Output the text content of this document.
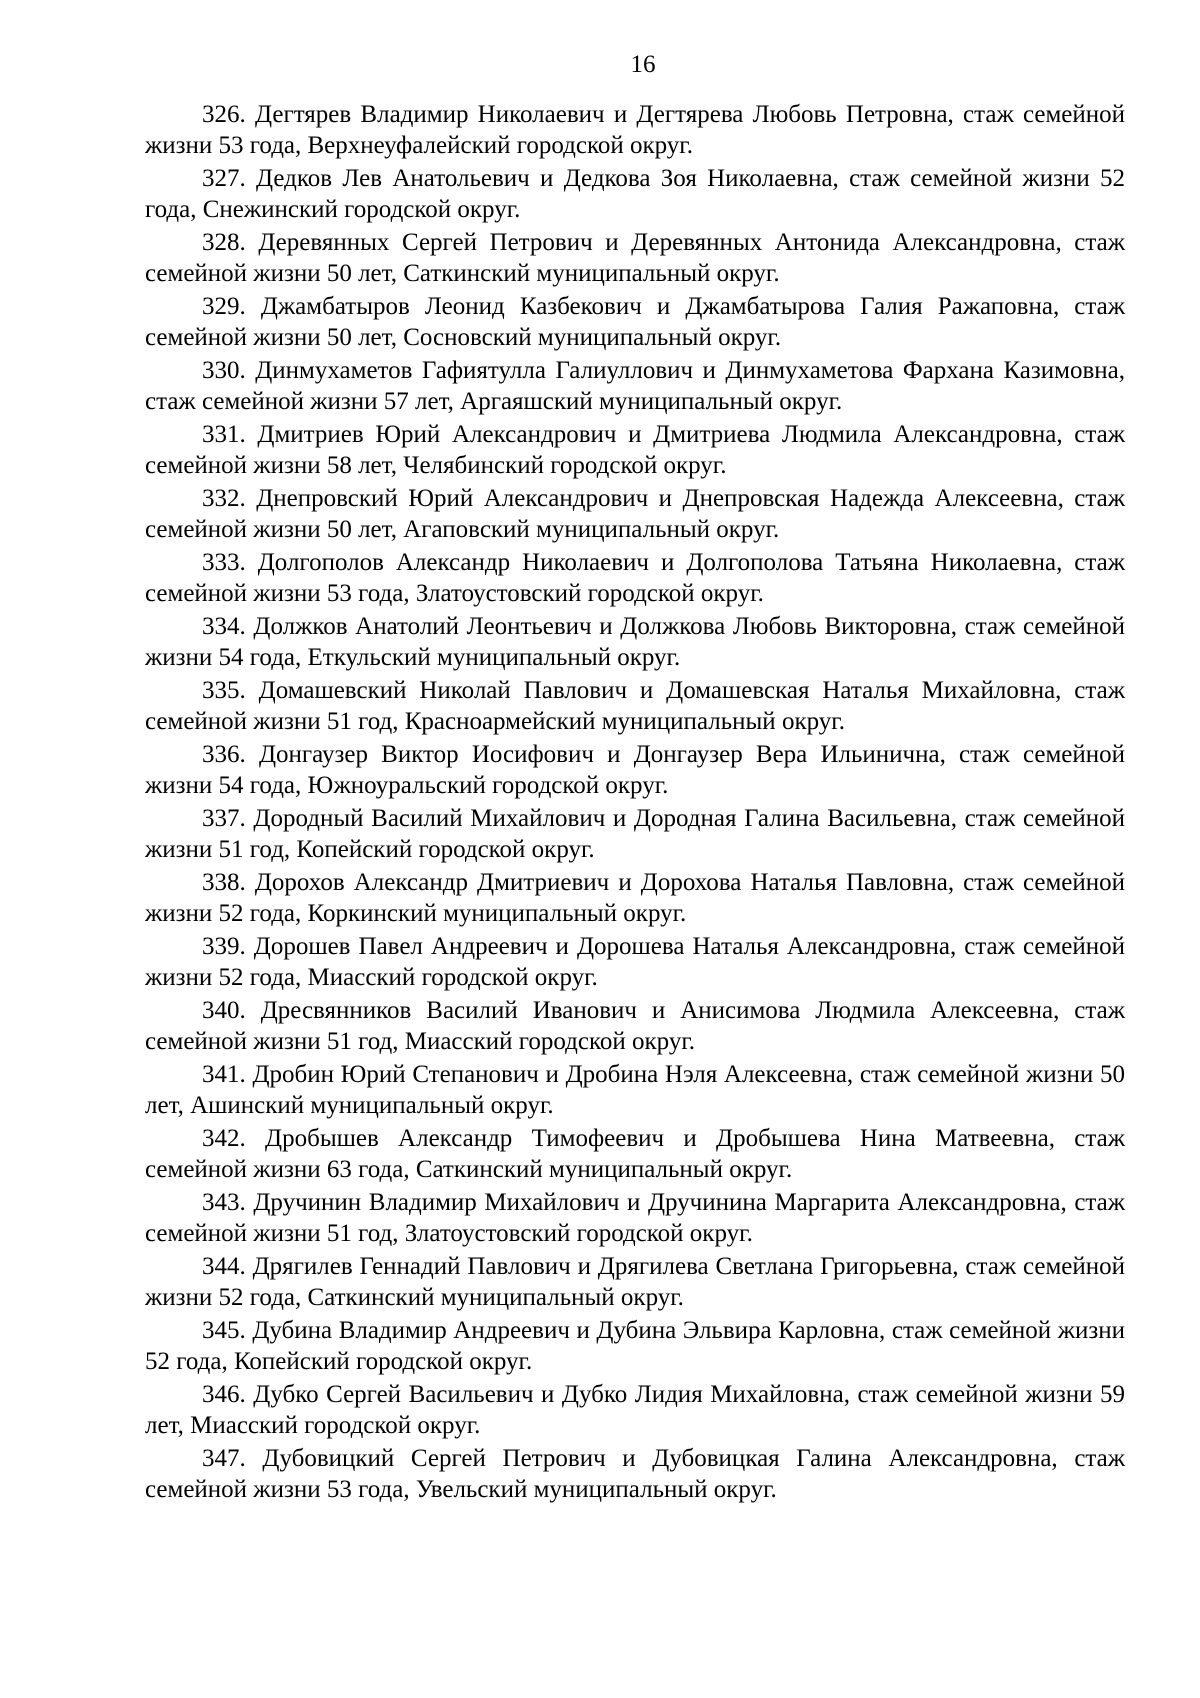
16
326. Дегтярев Владимир Николаевич и Дегтярева Любовь Петровна, стаж семейной жизни 53 года, Верхнеуфалейский городской округ.
327. Дедков Лев Анатольевич и Дедкова Зоя Николаевна, стаж семейной жизни 52 года, Снежинский городской округ.
328. Деревянных Сергей Петрович и Деревянных Антонида Александровна, стаж семейной жизни 50 лет, Саткинский муниципальный округ.
329. Джамбатыров Леонид Казбекович и Джамбатырова Галия Ражаповна, стаж семейной жизни 50 лет, Сосновский муниципальный округ.
330. Динмухаметов Гафиятулла Галиуллович и Динмухаметова Фархана Казимовна, стаж семейной жизни 57 лет, Аргаяшский муниципальный округ.
331. Дмитриев Юрий Александрович и Дмитриева Людмила Александровна, стаж семейной жизни 58 лет, Челябинский городской округ.
332. Днепровский Юрий Александрович и Днепровская Надежда Алексеевна, стаж семейной жизни 50 лет, Агаповский муниципальный округ.
333. Долгополов Александр Николаевич и Долгополова Татьяна Николаевна, стаж семейной жизни 53 года, Златоустовский городской округ.
334. Должков Анатолий Леонтьевич и Должкова Любовь Викторовна, стаж семейной жизни 54 года, Еткульский муниципальный округ.
335. Домашевский Николай Павлович и Домашевская Наталья Михайловна, стаж семейной жизни 51 год, Красноармейский муниципальный округ.
336. Донгаузер Виктор Иосифович и Донгаузер Вера Ильинична, стаж семейной жизни 54 года, Южноуральский городской округ.
337. Дородный Василий Михайлович и Дородная Галина Васильевна, стаж семейной жизни 51 год, Копейский городской округ.
338. Дорохов Александр Дмитриевич и Дорохова Наталья Павловна, стаж семейной жизни 52 года, Коркинский муниципальный округ.
339. Дорошев Павел Андреевич и Дорошева Наталья Александровна, стаж семейной жизни 52 года, Миасский городской округ.
340. Дресвянников Василий Иванович и Анисимова Людмила Алексеевна, стаж семейной жизни 51 год, Миасский городской округ.
341. Дробин Юрий Степанович и Дробина Нэля Алексеевна, стаж семейной жизни 50 лет, Ашинский муниципальный округ.
342. Дробышев Александр Тимофеевич и Дробышева Нина Матвеевна, стаж семейной жизни 63 года, Саткинский муниципальный округ.
343. Дручинин Владимир Михайлович и Дручинина Маргарита Александровна, стаж семейной жизни 51 год, Златоустовский городской округ.
344. Дрягилев Геннадий Павлович и Дрягилева Светлана Григорьевна, стаж семейной жизни 52 года, Саткинский муниципальный округ.
345. Дубина Владимир Андреевич и Дубина Эльвира Карловна, стаж семейной жизни 52 года, Копейский городской округ.
346. Дубко Сергей Васильевич и Дубко Лидия Михайловна, стаж семейной жизни 59 лет, Миасский городской округ.
347. Дубовицкий Сергей Петрович и Дубовицкая Галина Александровна, стаж семейной жизни 53 года, Увельский муниципальный округ.
